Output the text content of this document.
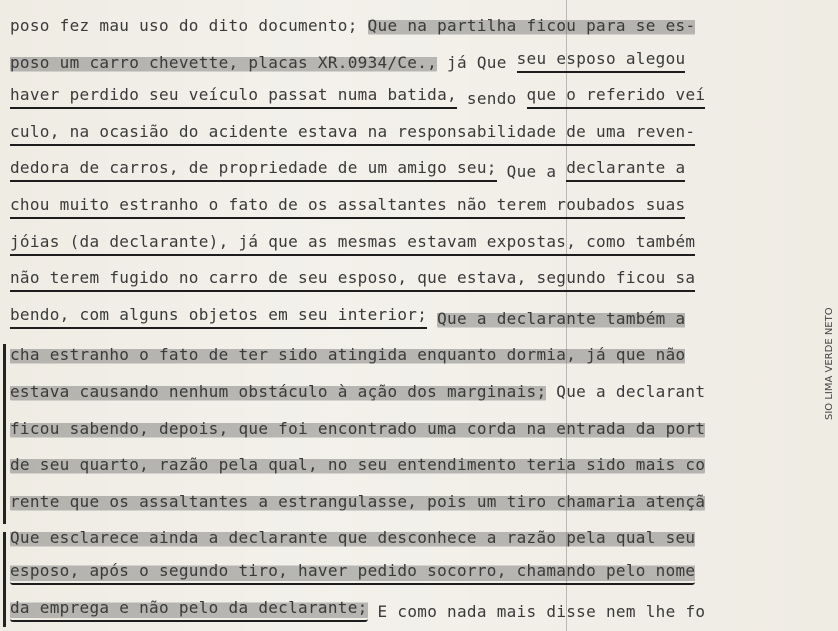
poso fez mau uso do dito documento; Que na partilha ficou para se es-
poso um carro chevette, placas XR.0934/Ce., já Que seu esposo alegou
haver perdido seu veículo passat numa batida, sendo que o referido veí
culo, na ocasião do acidente estava na responsabilidade de uma reven-
dedora de carros, de propriedade de um amigo seu; Que a declarante a
chou muito estranho o fato de os assaltantes não terem roubados suas
jóias (da declarante), já que as mesmas estavam expostas, como também
não terem fugido no carro de seu esposo, que estava, segundo ficou sa
bendo, com alguns objetos em seu interior;
Que a declarante também a
cha estranho o fato de ter sido atingida enquanto dormia, já que não
estava causando nenhum obstáculo à ação dos marginais; Que a declarant
ficou sabendo, depois, que foi encontrado uma corda na entrada da port
de seu quarto, razão pela qual, no seu entendimento teria sido mais co
rente que os assaltantes a estrangulasse, pois um tiro chamaria atençã
Que esclarece ainda a declarante que desconhece a razão pela qual seu
esposo, após o segundo tiro, haver pedido socorro, chamando pelo nome
da emprega e não pelo da declarante; E como nada mais disse nem lhe fo
SIO LIMA VERDE NETO
